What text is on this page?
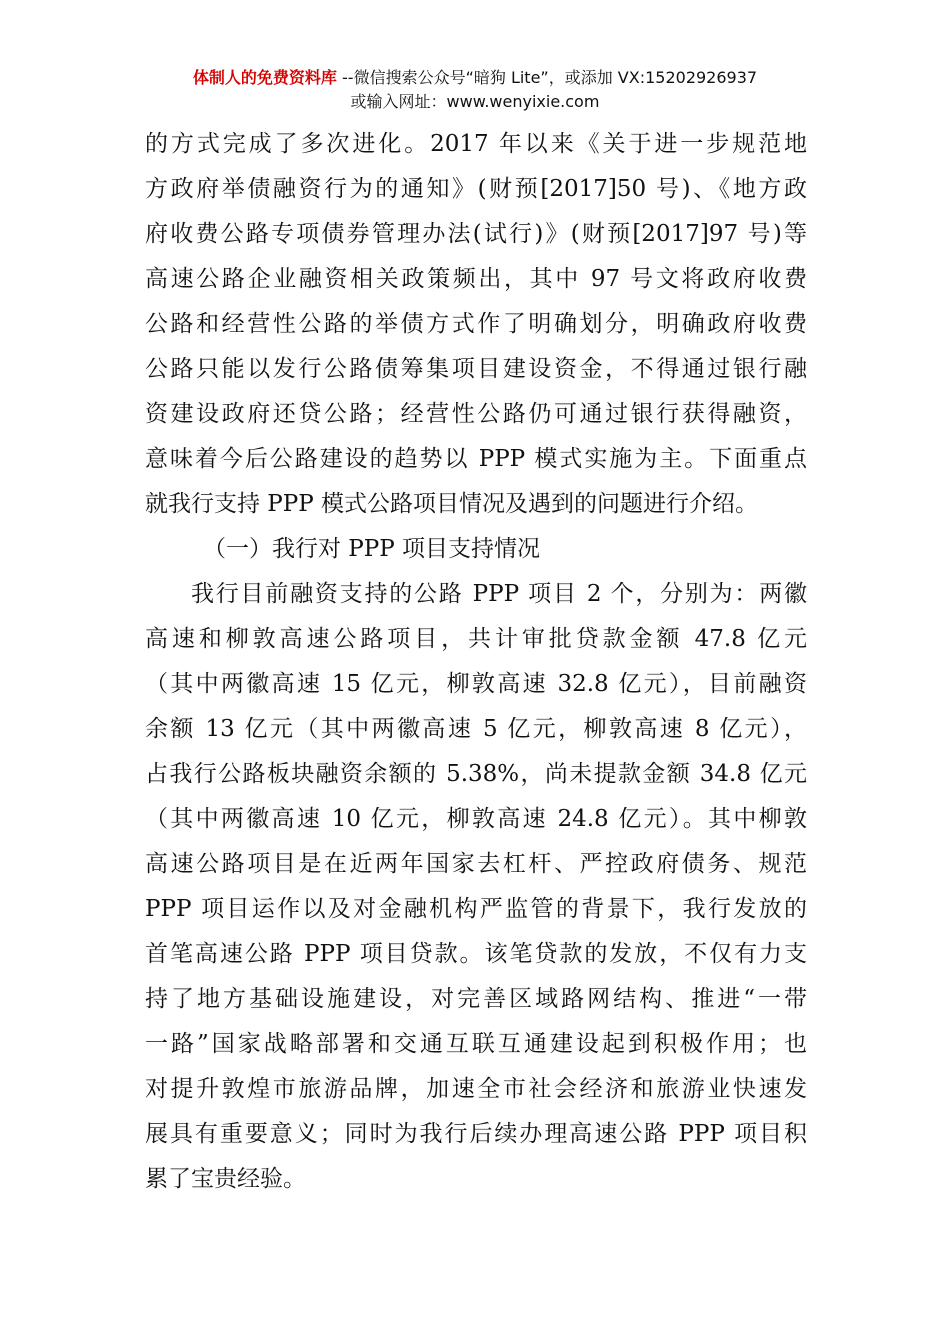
体制人的免费资料库 --微信搜索公众号“暗狗 Lite”，或添加 VX:15202926937
或输入网址：www.wenyixie.com
的方式完成了多次进化。2017 年以来《关于进一步规范地
方政府举债融资行为的通知》(财预[2017]50 号)、《地方政
府收费公路专项债券管理办法(试行)》(财预[2017]97 号)等
高速公路企业融资相关政策频出，其中 97 号文将政府收费
公路和经营性公路的举债方式作了明确划分，明确政府收费
公路只能以发行公路债筹集项目建设资金，不得通过银行融
资建设政府还贷公路；经营性公路仍可通过银行获得融资，
意味着今后公路建设的趋势以 PPP 模式实施为主。下面重点
就我行支持 PPP 模式公路项目情况及遇到的问题进行介绍。
（一）我行对 PPP 项目支持情况
我行目前融资支持的公路 PPP 项目 2 个，分别为：两徽
高速和柳敦高速公路项目，共计审批贷款金额 47.8 亿元
（其中两徽高速 15 亿元，柳敦高速 32.8 亿元），目前融资
余额 13 亿元（其中两徽高速 5 亿元，柳敦高速 8 亿元），
占我行公路板块融资余额的 5.38%，尚未提款金额 34.8 亿元
（其中两徽高速 10 亿元，柳敦高速 24.8 亿元）。其中柳敦
高速公路项目是在近两年国家去杠杆、严控政府债务、规范
PPP 项目运作以及对金融机构严监管的背景下，我行发放的
首笔高速公路 PPP 项目贷款。该笔贷款的发放，不仅有力支
持了地方基础设施建设，对完善区域路网结构、推进“一带
一路”国家战略部署和交通互联互通建设起到积极作用；也
对提升敦煌市旅游品牌，加速全市社会经济和旅游业快速发
展具有重要意义；同时为我行后续办理高速公路 PPP 项目积
累了宝贵经验。
